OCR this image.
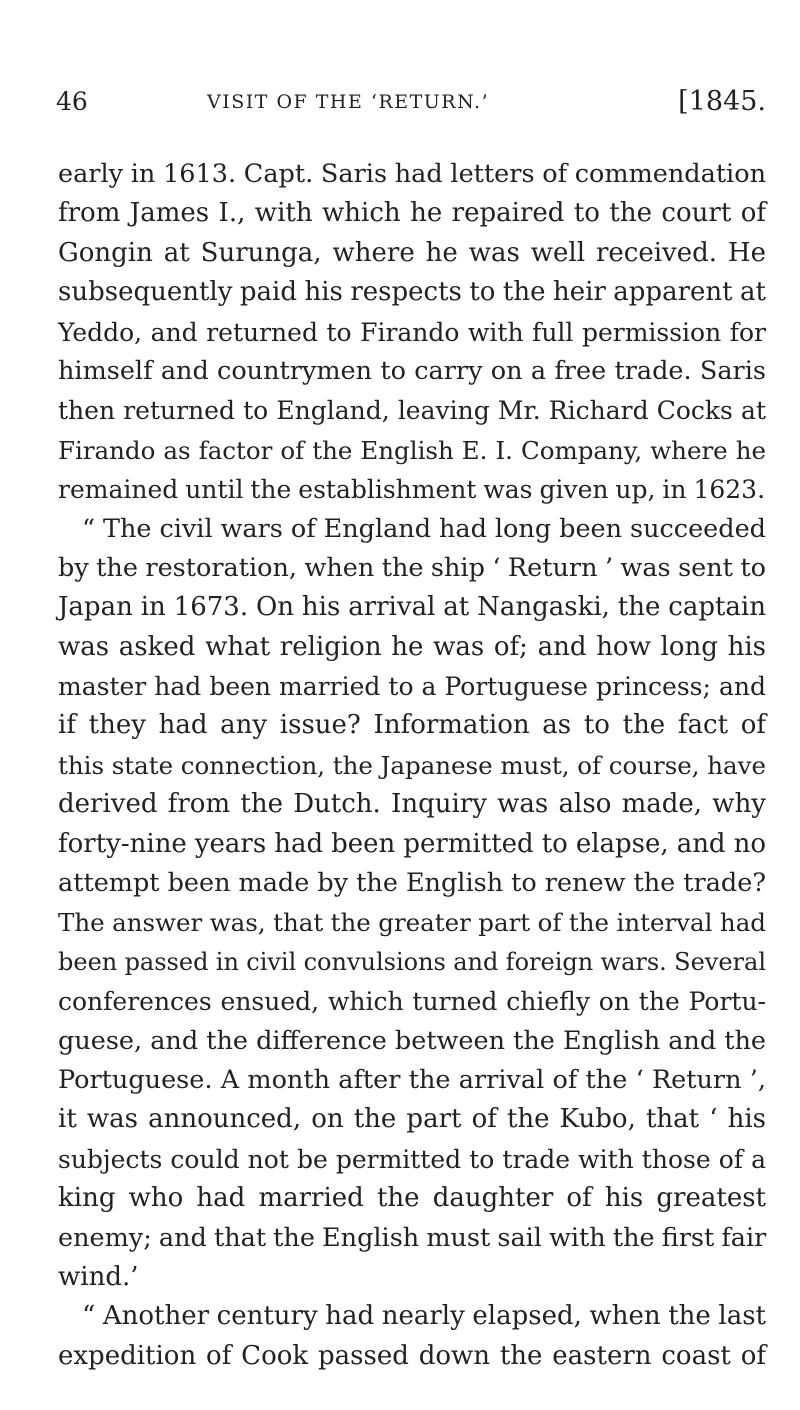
46	VISIT OF THE ‘RETURN.’	[1845.
early in 1613. Capt. Saris had letters of commendation
from James I., with which he repaired to the court of
Gongin at Surunga, where he was well received. He
subsequently paid his respects to the heir apparent at
Yeddo, and returned to Firando with full permission for
himself and countrymen to carry on a free trade. Saris
then returned to England, leaving Mr. Richard Cocks at
Firando as factor of the English E. I. Company, where he
remained until the establishment was given up, in 1623.
“ The civil wars of England had long been succeeded
by the restoration, when the ship ‘ Return ’ was sent to
Japan in 1673. On his arrival at Nangaski, the captain
was asked what religion he was of; and how long his
master had been married to a Portuguese princess; and
if they had any issue? Information as to the fact of
this state connection, the Japanese must, of course, have
derived from the Dutch. Inquiry was also made, why
forty-nine years had been permitted to elapse, and no
attempt been made by the English to renew the trade?
The answer was, that the greater part of the interval had
been passed in civil convulsions and foreign wars. Several
conferences ensued, which turned chiefly on the Portu-
guese, and the difference between the English and the
Portuguese. A month after the arrival of the ‘ Return ’,
it was announced, on the part of the Kubo, that ‘ his
subjects could not be permitted to trade with those of a
king who had married the daughter of his greatest
enemy; and that the English must sail with the first fair
wind.’
“ Another century had nearly elapsed, when the last
expedition of Cook passed down the eastern coast of
